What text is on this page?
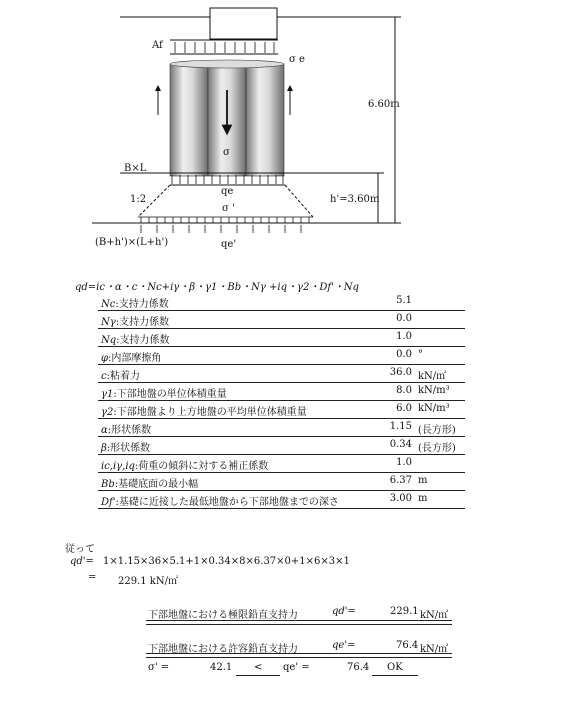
Af
σ e
6.60m
σ
B×L
qe
1:2
σ '
h'=3.60m
(B+h')×(L+h')	qe'
qd=ic・α・c・Nc+iγ・β・γ1・Bb・Nγ +iq・γ2・Df'・Nq
Nc:支持力係数	5.1
Nγ:支持力係数	0.0
Nq:支持力係数	1.0
φ:内部摩擦角	0.0 °
c:粘着力	36.0 kN/㎡
γ1:下部地盤の単位体積重量	8.0 kN/m³
γ2:下部地盤より上方地盤の平均単位体積重量	6.0 kN/m³
α:形状係数	1.15 (長方形)
β:形状係数	0.34 (長方形)
ic,iγ,iq:荷重の傾斜に対する補正係数	1.0
Bb:基礎底面の最小幅	6.37 m
Df':基礎に近接した最低地盤から下部地盤までの深さ	3.00 m
従って
qd'= 1×1.15×36×5.1+1×0.34×8×6.37×0+1×6×3×1
= 229.1 kN/㎡
下部地盤における極限鉛直支持力	qd'=	229.1 kN/㎡
下部地盤における許容鉛直支持力	qe'=	76.4 kN/㎡
σ' =	42.1 < qe' =	76.4 OK
